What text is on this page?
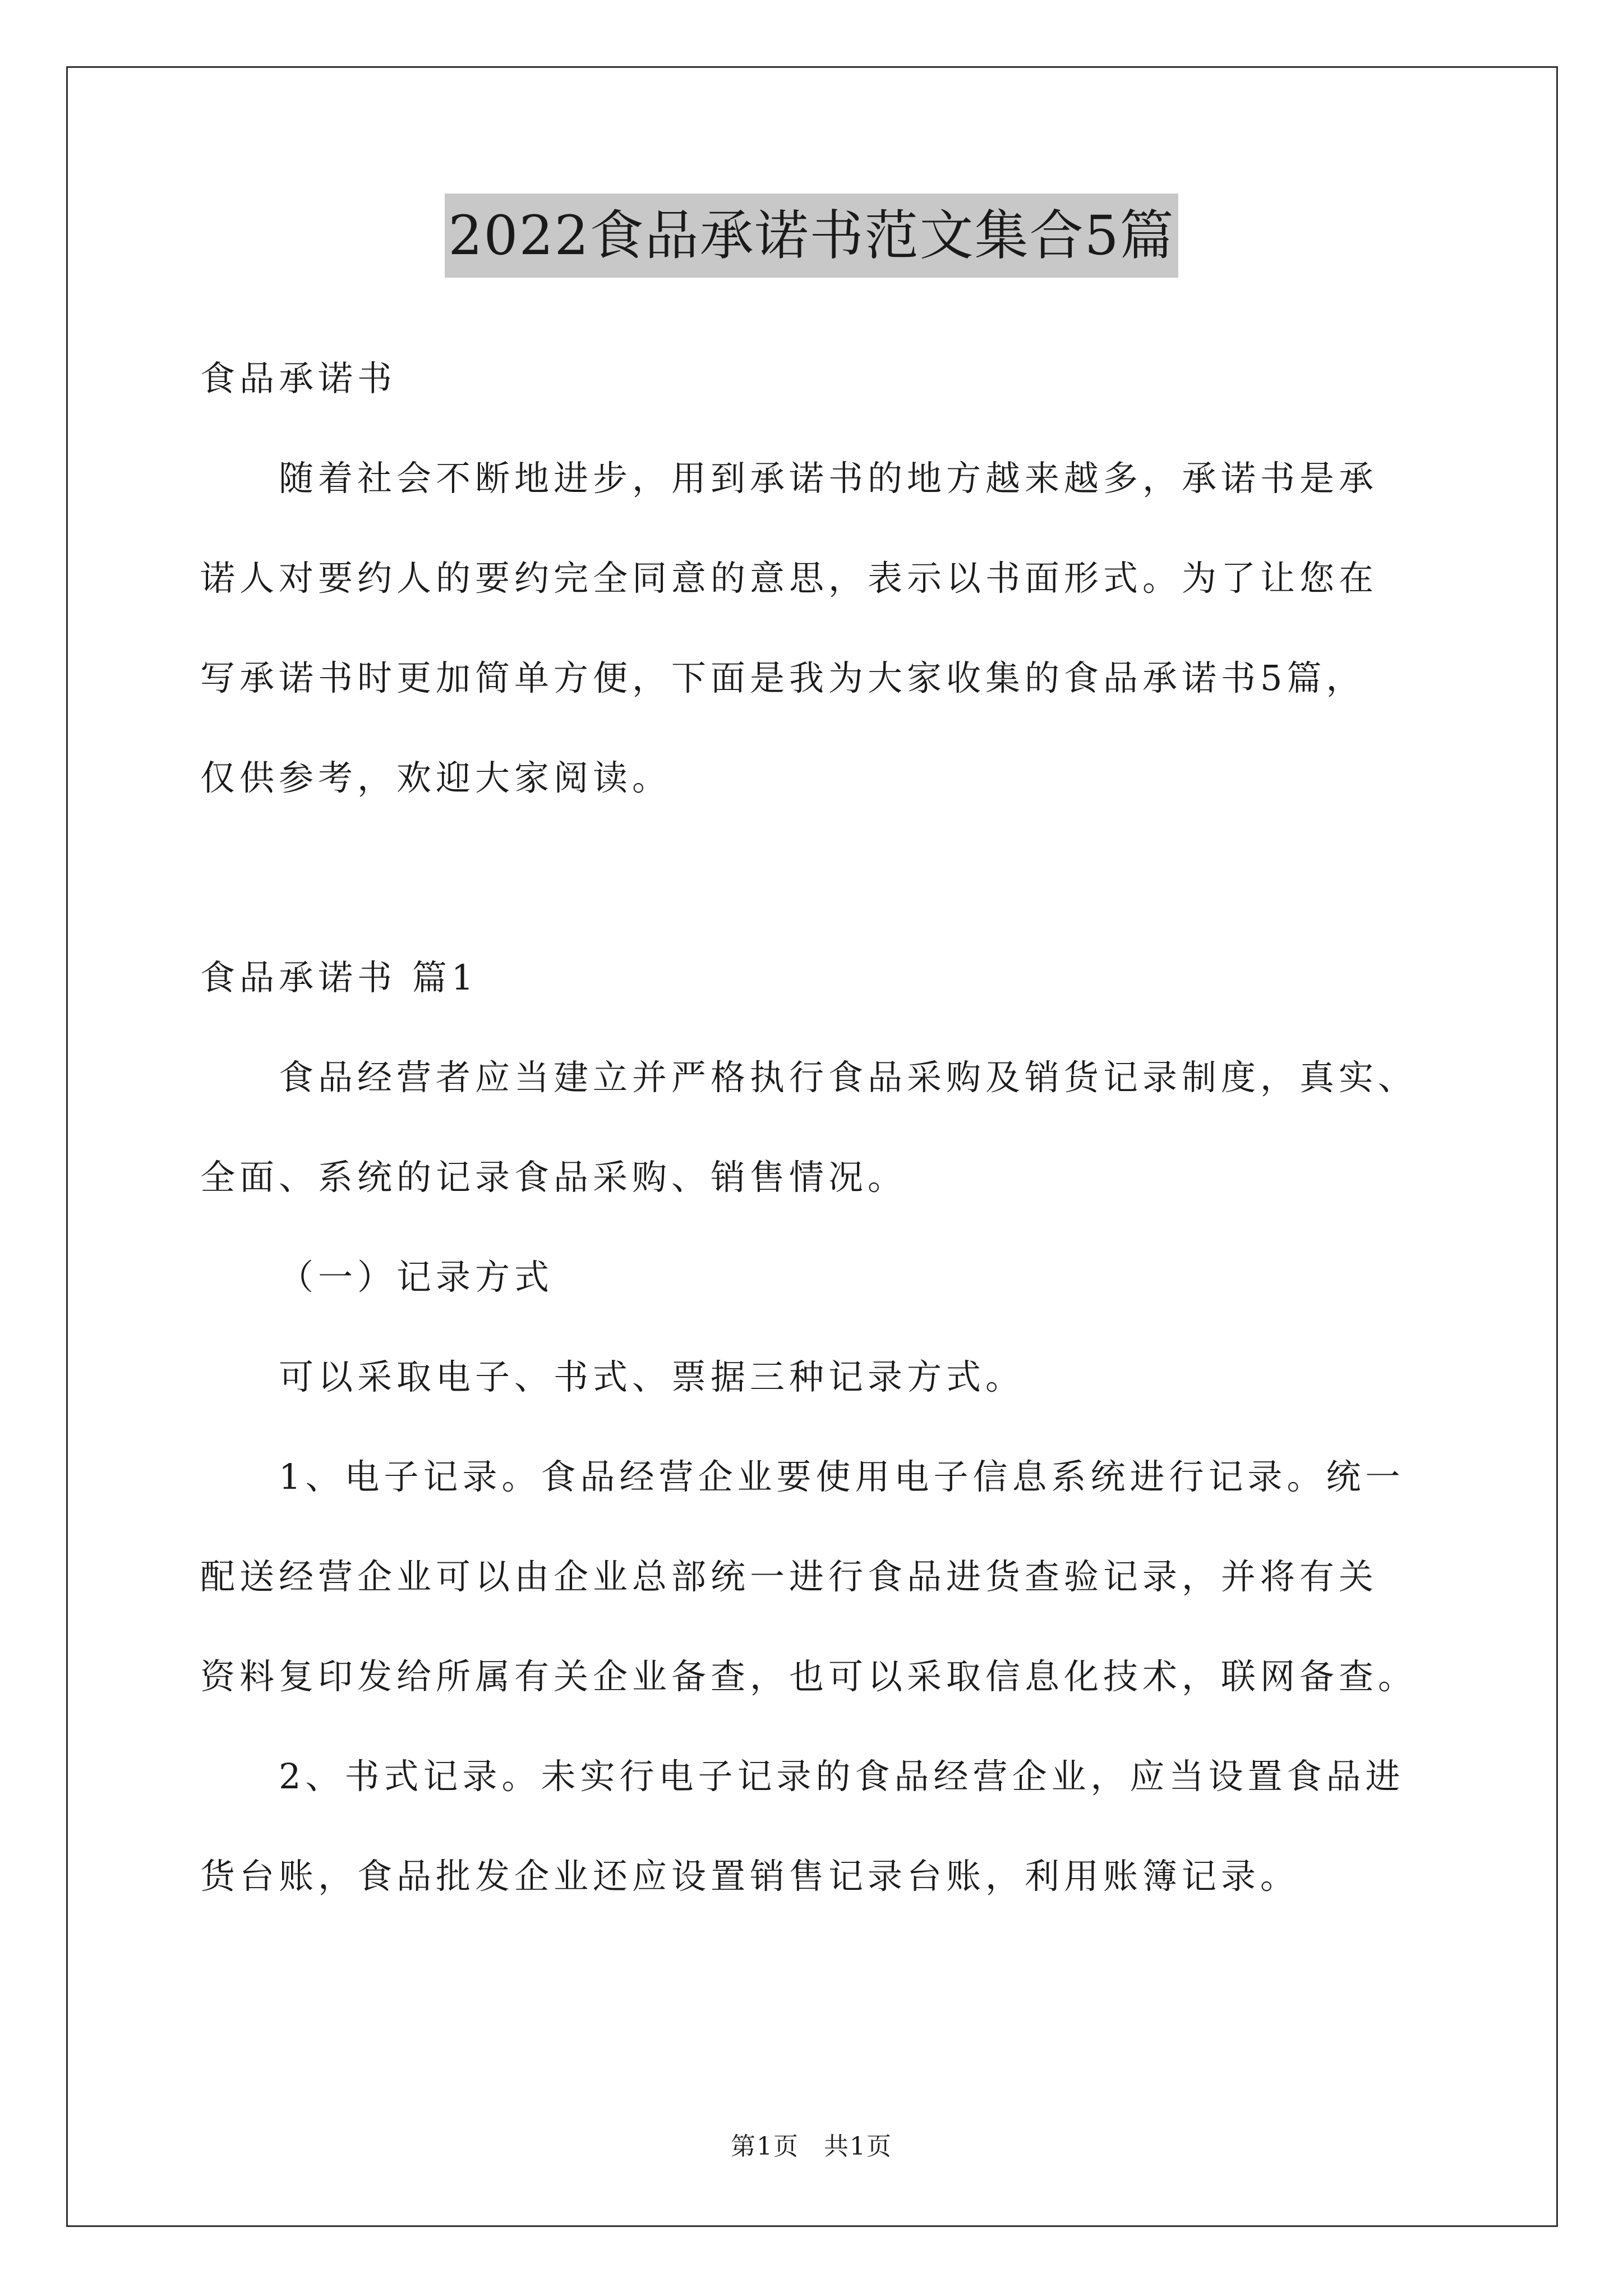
2022食品承诺书范文集合5篇
食品承诺书
随着社会不断地进步，用到承诺书的地方越来越多，承诺书是承
诺人对要约人的要约完全同意的意思，表示以书面形式。为了让您在
写承诺书时更加简单方便，下面是我为大家收集的食品承诺书5篇，
仅供参考，欢迎大家阅读。
食品承诺书 篇1
食品经营者应当建立并严格执行食品采购及销货记录制度，真实、
全面、系统的记录食品采购、销售情况。
（一）记录方式
可以采取电子、书式、票据三种记录方式。
1、电子记录。食品经营企业要使用电子信息系统进行记录。统一
配送经营企业可以由企业总部统一进行食品进货查验记录，并将有关
资料复印发给所属有关企业备查，也可以采取信息化技术，联网备查。
2、书式记录。未实行电子记录的食品经营企业，应当设置食品进
货台账，食品批发企业还应设置销售记录台账，利用账簿记录。
第1页 共1页
